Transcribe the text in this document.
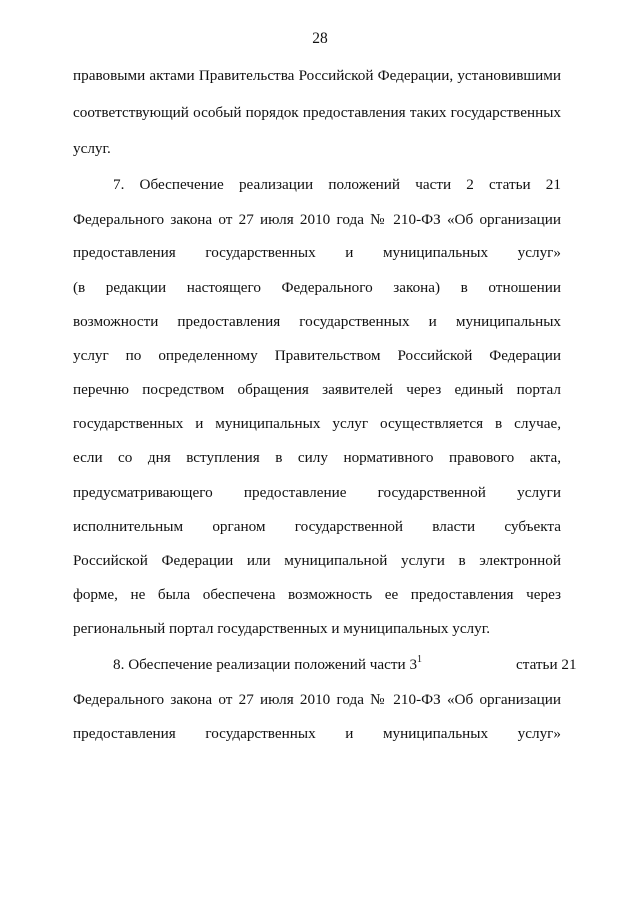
28
правовыми актами Правительства Российской Федерации, установившими
соответствующий особый порядок предоставления таких государственных
услуг.
7. Обеспечение реализации положений части 2 статьи 21
Федерального закона от 27 июля 2010 года № 210-ФЗ «Об организации
предоставления государственных и муниципальных услуг»
(в редакции настоящего Федерального закона) в отношении
возможности предоставления государственных и муниципальных
услуг по определенному Правительством Российской Федерации
перечню посредством обращения заявителей через единый портал
государственных и муниципальных услуг осуществляется в случае,
если со дня вступления в силу нормативного правового акта,
предусматривающего предоставление государственной услуги
исполнительным органом государственной власти субъекта
Российской Федерации или муниципальной услуги в электронной
форме, не была обеспечена возможность ее предоставления через
региональный портал государственных и муниципальных услуг.
8. Обеспечение реализации положений части $3^1$	статьи 21
Федерального закона от 27 июля 2010 года № 210-ФЗ «Об организации
предоставления государственных и муниципальных услуг»
